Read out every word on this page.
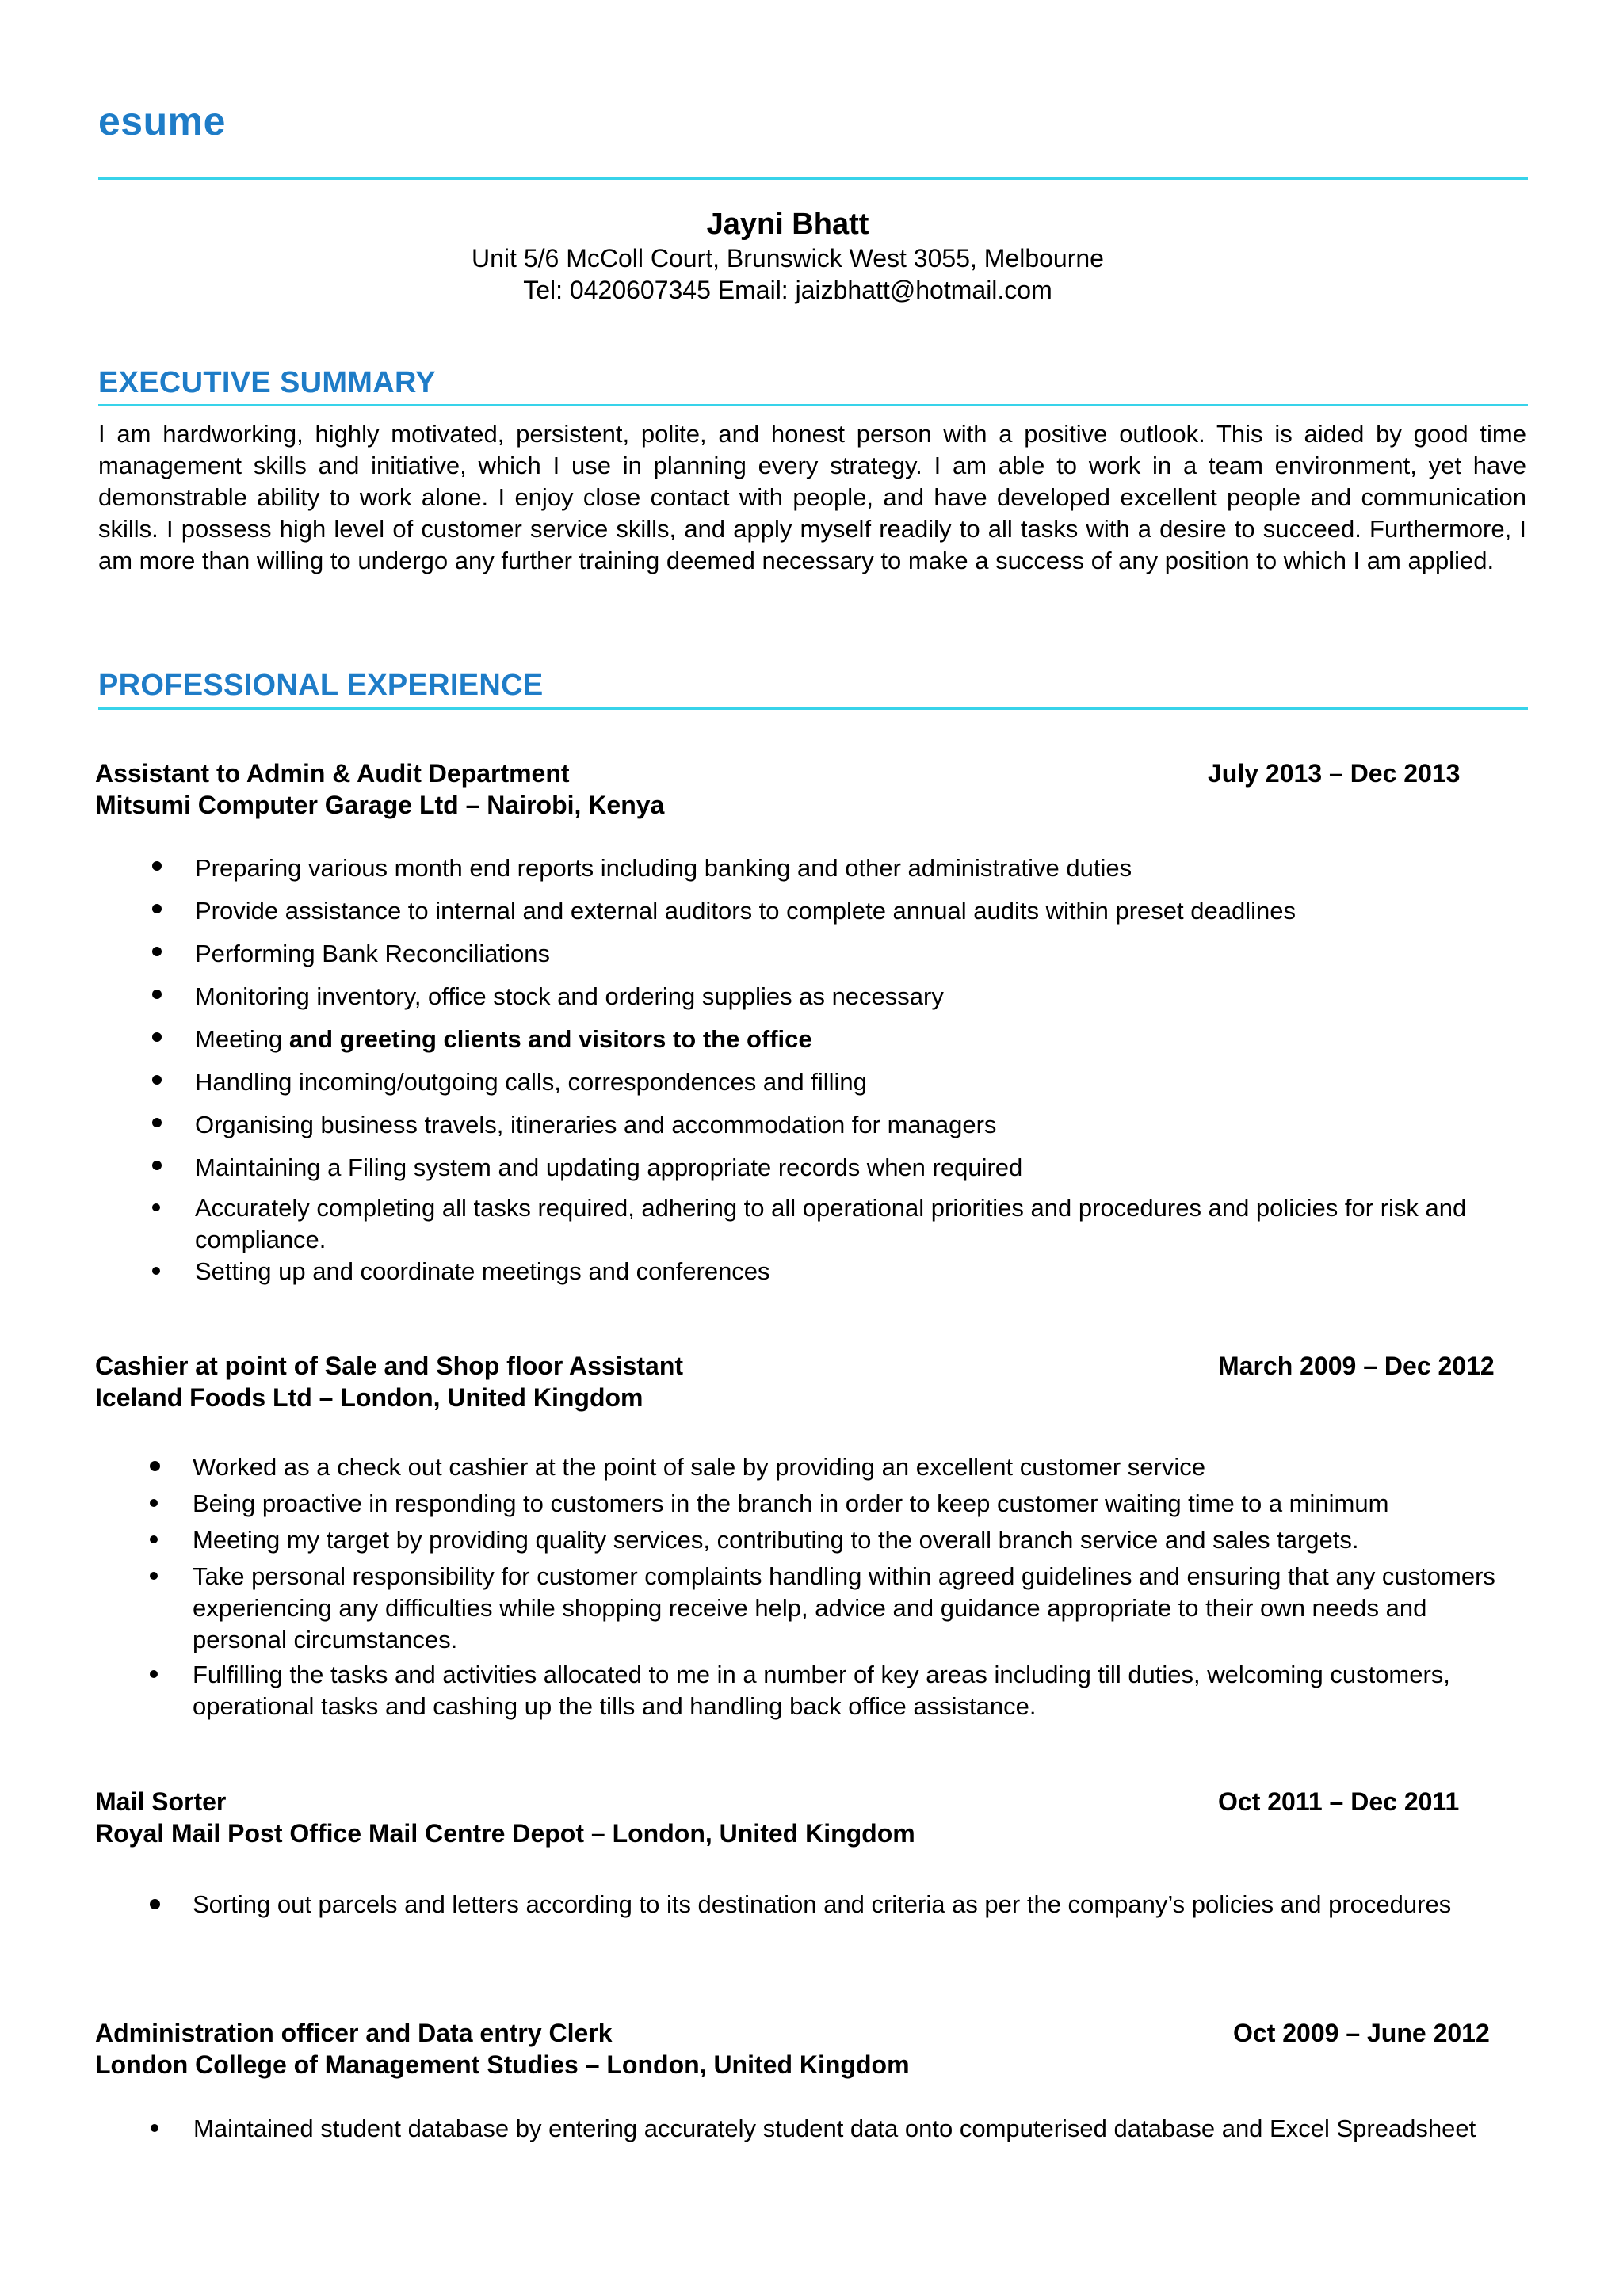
esume
Jayni Bhatt
Unit 5/6 McColl Court, Brunswick West 3055, Melbourne
Tel: 0420607345 Email: jaizbhatt@hotmail.com
EXECUTIVE SUMMARY
I am hardworking, highly motivated, persistent, polite, and honest person with a positive outlook. This is aided by good time management skills and initiative, which I use in planning every strategy. I am able to work in a team environment, yet have demonstrable ability to work alone. I enjoy close contact with people, and have developed excellent people and communication skills. I possess high level of customer service skills, and apply myself readily to all tasks with a desire to succeed. Furthermore, I am more than willing to undergo any further training deemed necessary to make a success of any position to which I am applied.
PROFESSIONAL EXPERIENCE
Assistant to Admin & Audit Department
Mitsumi Computer Garage Ltd – Nairobi, Kenya
July 2013 – Dec 2013
Preparing various month end reports including banking and other administrative duties
Provide assistance to internal and external auditors to complete annual audits within preset deadlines
Performing Bank Reconciliations
Monitoring inventory, office stock and ordering supplies as necessary
Meeting and greeting clients and visitors to the office
Handling incoming/outgoing calls, correspondences and filling
Organising business travels, itineraries and accommodation for managers
Maintaining a Filing system and updating appropriate records when required
Accurately completing all tasks required, adhering to all operational priorities and procedures and policies for risk and compliance.
Setting up and coordinate meetings and conferences
Cashier at point of Sale and Shop floor Assistant
Iceland Foods Ltd – London, United Kingdom
March 2009 – Dec 2012
Worked as a check out cashier at the point of sale by providing an excellent customer service
Being proactive in responding to customers in the branch in order to keep customer waiting time to a minimum
Meeting my target by providing quality services, contributing to the overall branch service and sales targets.
Take personal responsibility for customer complaints handling within agreed guidelines and ensuring that any customers experiencing any difficulties while shopping receive help, advice and guidance appropriate to their own needs and personal circumstances.
Fulfilling the tasks and activities allocated to me in a number of key areas including till duties, welcoming customers, operational tasks and cashing up the tills and handling back office assistance.
Mail Sorter
Royal Mail Post Office Mail Centre Depot – London, United Kingdom
Oct 2011 – Dec 2011
Sorting out parcels and letters according to its destination and criteria as per the company’s policies and procedures
Administration officer and Data entry Clerk
London College of Management Studies – London, United Kingdom
Oct 2009 – June 2012
Maintained student database by entering accurately student data onto computerised database and Excel Spreadsheet
